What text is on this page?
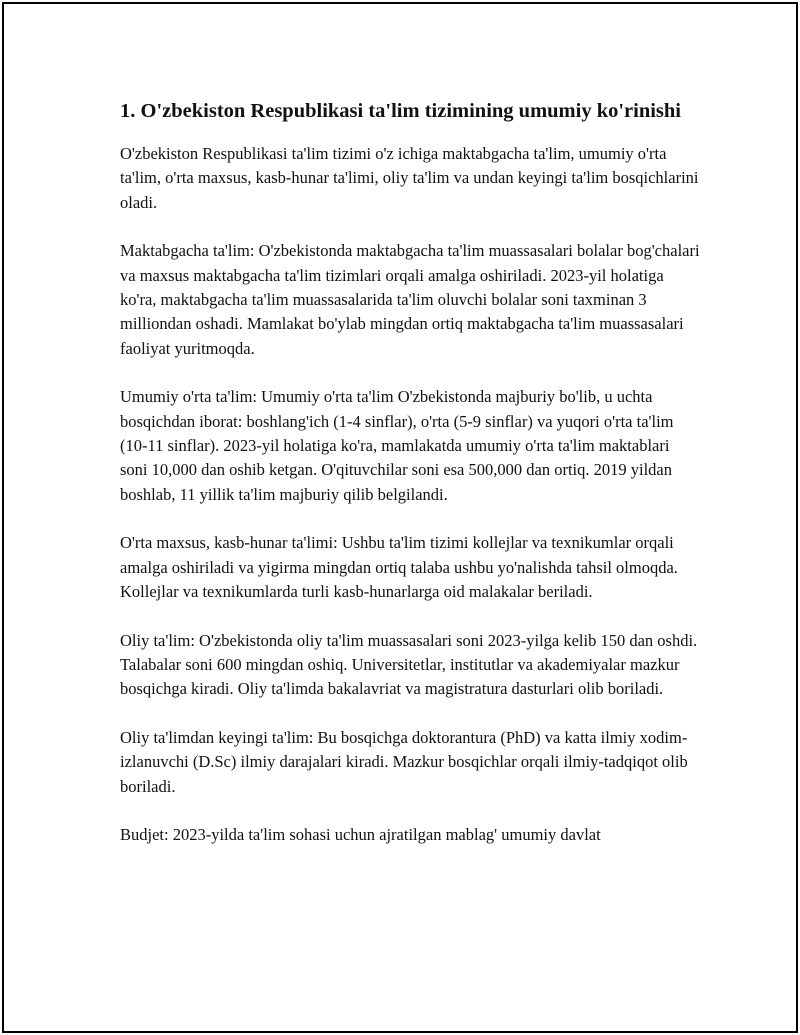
1. O'zbekiston Respublikasi ta'lim tizimining umumiy ko'rinishi

O'zbekiston Respublikasi ta'lim tizimi o'z ichiga maktabgacha ta'lim, umumiy o'rta ta'lim, o'rta maxsus, kasb-hunar ta'limi, oliy ta'lim va undan keyingi ta'lim bosqichlarini oladi.

Maktabgacha ta'lim: O'zbekistonda maktabgacha ta'lim muassasalari bolalar bog'chalari va maxsus maktabgacha ta'lim tizimlari orqali amalga oshiriladi. 2023-yil holatiga ko'ra, maktabgacha ta'lim muassasalarida ta'lim oluvchi bolalar soni taxminan 3 milliondan oshadi. Mamlakat bo'ylab mingdan ortiq maktabgacha ta'lim muassasalari faoliyat yuritmoqda.

Umumiy o'rta ta'lim: Umumiy o'rta ta'lim O'zbekistonda majburiy bo'lib, u uchta bosqichdan iborat: boshlang'ich (1-4 sinflar), o'rta (5-9 sinflar) va yuqori o'rta ta'lim (10-11 sinflar). 2023-yil holatiga ko'ra, mamlakatda umumiy o'rta ta'lim maktablari soni 10,000 dan oshib ketgan. O'qituvchilar soni esa 500,000 dan ortiq. 2019 yildan boshlab, 11 yillik ta'lim majburiy qilib belgilandi.

O'rta maxsus, kasb-hunar ta'limi: Ushbu ta'lim tizimi kollejlar va texnikumlar orqali amalga oshiriladi va yigirma mingdan ortiq talaba ushbu yo'nalishda tahsil olmoqda. Kollejlar va texnikumlarda turli kasb-hunarlarga oid malakalar beriladi.

Oliy ta'lim: O'zbekistonda oliy ta'lim muassasalari soni 2023-yilga kelib 150 dan oshdi. Talabalar soni 600 mingdan oshiq. Universitetlar, institutlar va akademiyalar mazkur bosqichga kiradi. Oliy ta'limda bakalavriat va magistratura dasturlari olib boriladi.

Oliy ta'limdan keyingi ta'lim: Bu bosqichga doktorantura (PhD) va katta ilmiy xodim-izlanuvchi (D.Sc) ilmiy darajalari kiradi. Mazkur bosqichlar orqali ilmiy-tadqiqot olib boriladi.

Budjet: 2023-yilda ta'lim sohasi uchun ajratilgan mablag' umumiy davlat
